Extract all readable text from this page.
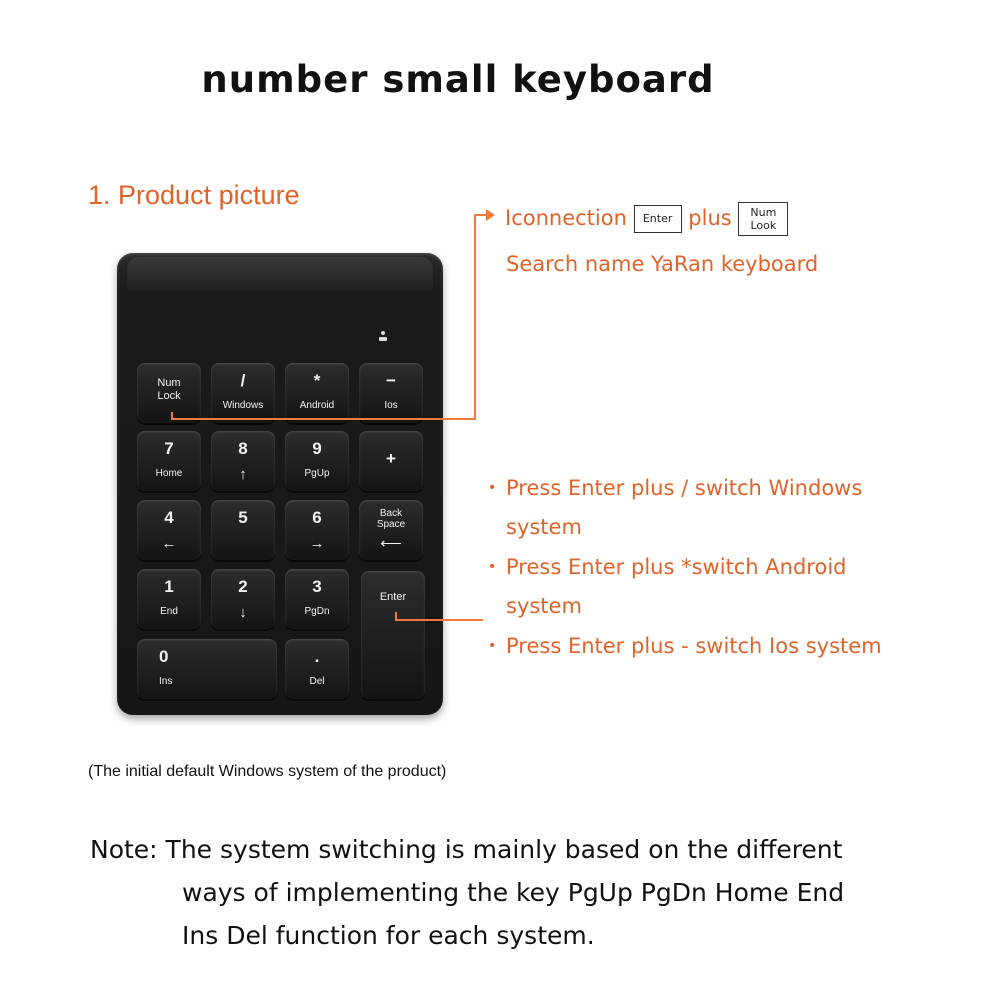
number small keyboard
1. Product picture
Num
Lock
/
Windows
*
Android
−
Ios
7
Home
8
↑
9
PgUp
+
4
←
5	6
→
Back
Space
⟵
1
End
2
↓
3
PgDn
Enter
0
Ins
.
Del
Iconnection Enter plus Num
Look
Search name YaRan keyboard
• Press Enter plus / switch Windows
system
• Press Enter plus *switch Android
system
• Press Enter plus - switch Ios system
(The initial default Windows system of the product)
Note: The system switching is mainly based on the different
ways of implementing the key PgUp PgDn Home End
Ins Del function for each system.
